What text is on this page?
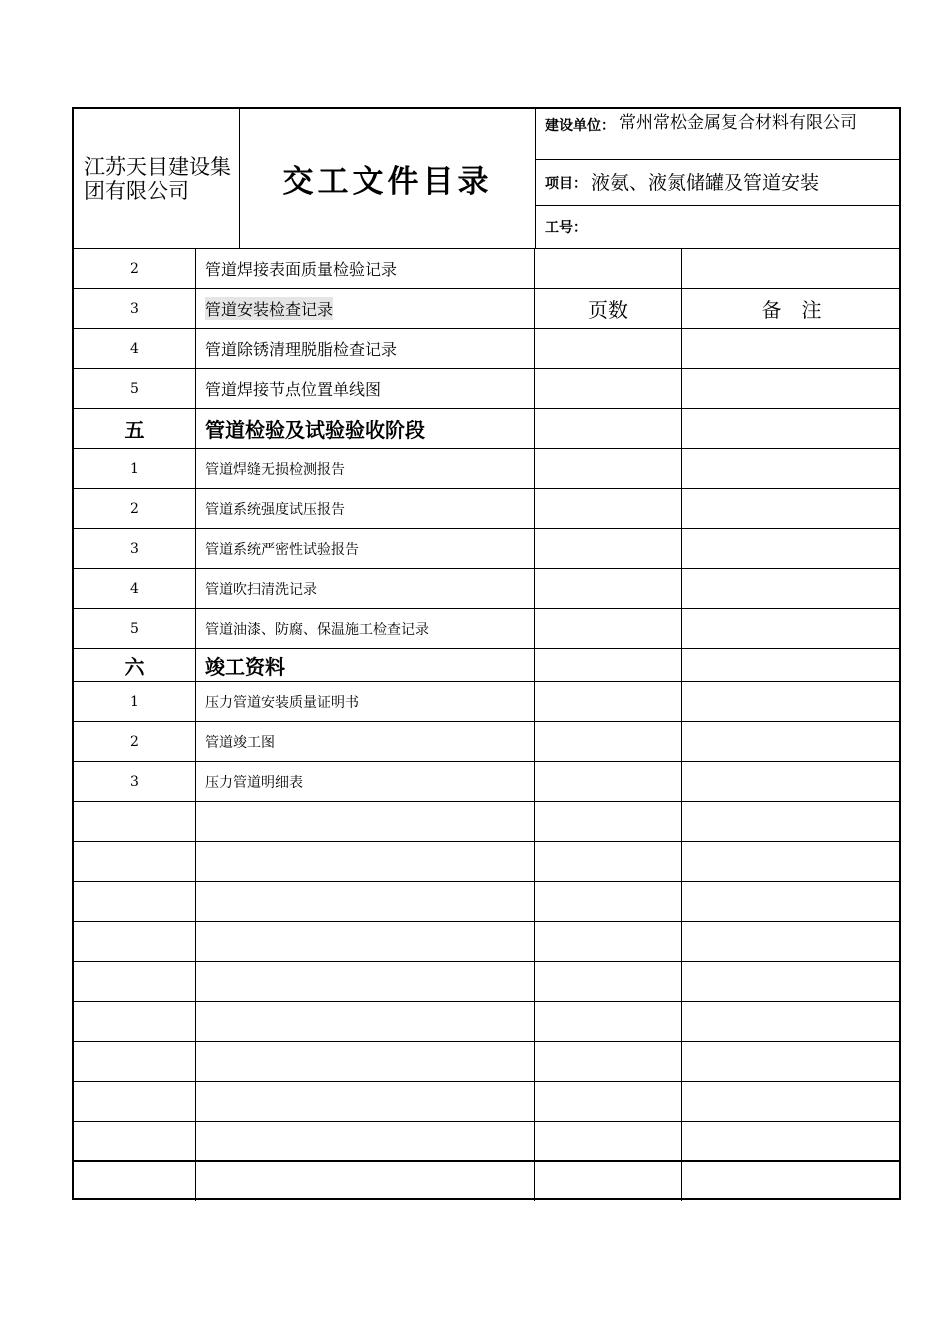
江苏天目建设集团有限公司	交工文件目录
建设单位： 常州常松金属复合材料有限公司
项目： 液氨、液氮储罐及管道安装
工号：
2	管道焊接表面质量检验记录
3	管道安装检查记录	页数	备　注
4	管道除锈清理脱脂检查记录
5	管道焊接节点位置单线图
五	管道检验及试验验收阶段
1	管道焊缝无损检测报告
2	管道系统强度试压报告
3	管道系统严密性试验报告
4	管道吹扫清洗记录
5	管道油漆、防腐、保温施工检查记录
六	竣工资料
1	压力管道安装质量证明书
2	管道竣工图
3	压力管道明细表
